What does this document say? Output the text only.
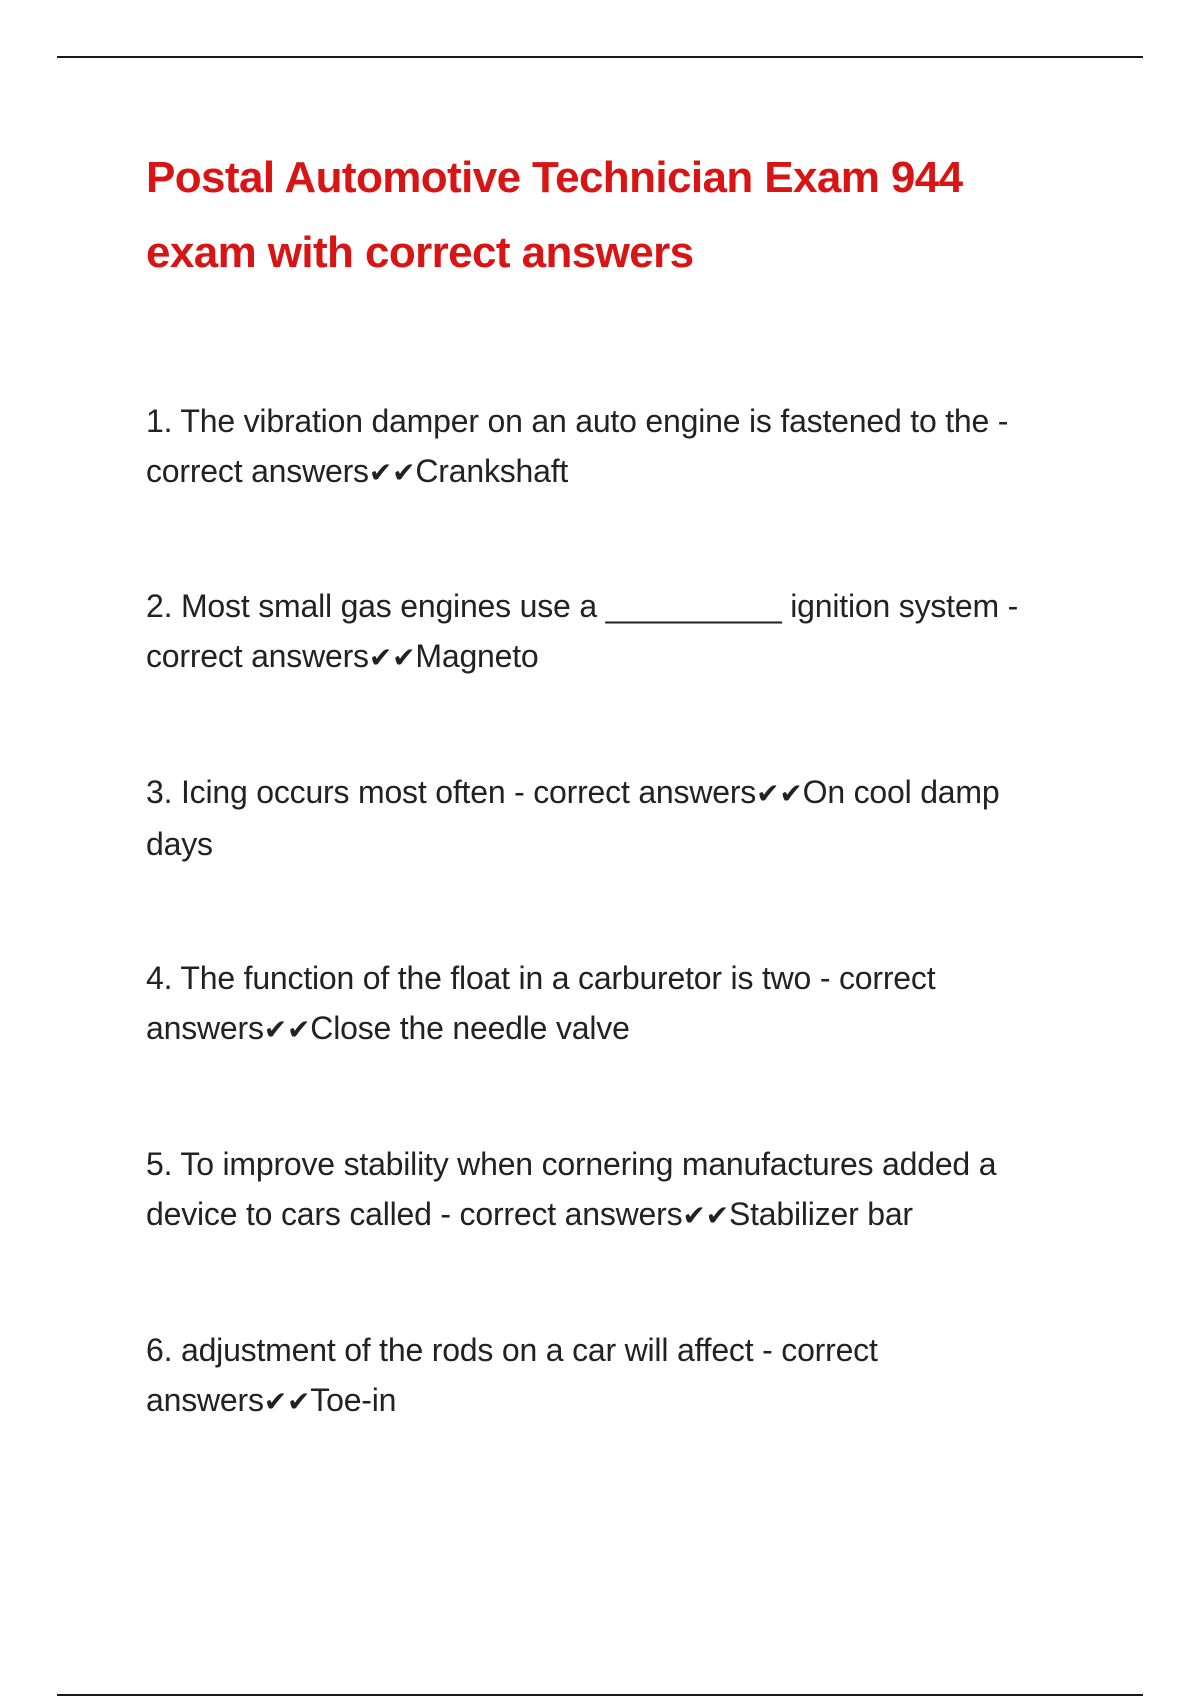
Postal Automotive Technician Exam 944
exam with correct answers

1. The vibration damper on an auto engine is fastened to the -
correct answers✔✔Crankshaft

2. Most small gas engines use a __________ ignition system -
correct answers✔✔Magneto

3. Icing occurs most often - correct answers✔✔On cool damp
days

4. The function of the float in a carburetor is two - correct
answers✔✔Close the needle valve

5. To improve stability when cornering manufactures added a
device to cars called - correct answers✔✔Stabilizer bar

6. adjustment of the rods on a car will affect - correct
answers✔✔Toe-in
